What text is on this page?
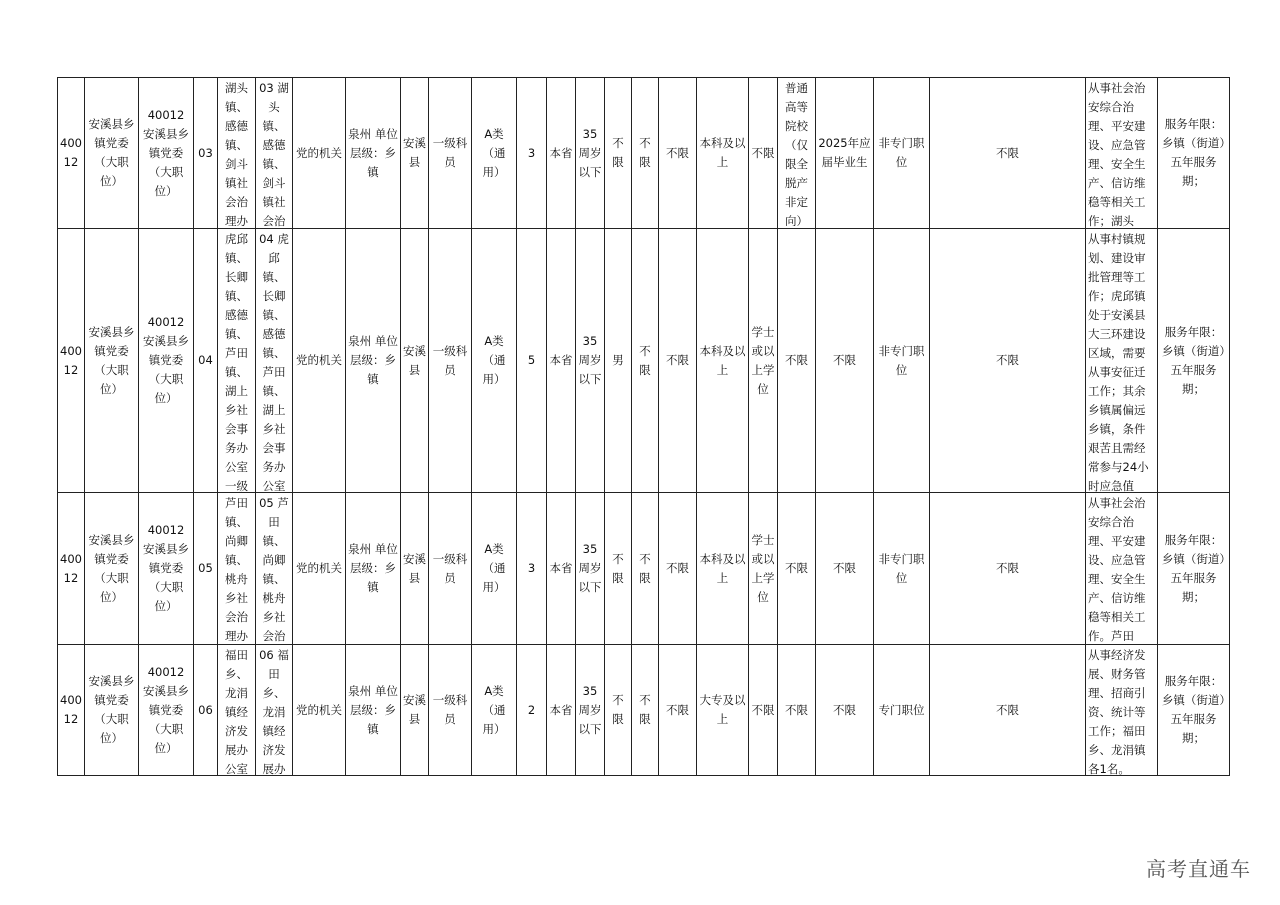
40012	安溪县乡镇党委（大职位）	40012 安溪县乡镇党委（大职位）	03	湖头镇、感德镇、剑斗镇社会治理办	03 湖头镇、感德镇、剑斗镇社会治	党的机关	泉州 单位层级：乡镇	安溪县	一级科员	A类（通用）	3	本省	35周岁以下	不限	不限	不限	本科及以上	不限	普通高等院校（仅限全脱产非定向）	2025年应届毕业生	非专门职位	不限	从事社会治安综合治理、平安建设、应急管理、安全生产、信访维稳等相关工作；湖头	服务年限：乡镇（街道）五年服务期；

40012	安溪县乡镇党委（大职位）	40012 安溪县乡镇党委（大职位）	04	虎邱镇、长卿镇、感德镇、芦田镇、湖上乡社会事务办公室一级	04 虎邱镇、长卿镇、感德镇、芦田镇、湖上乡社会事务办公室	党的机关	泉州 单位层级：乡镇	安溪县	一级科员	A类（通用）	5	本省	35周岁以下	男	不限	不限	本科及以上	学士或以上学位	不限	不限	非专门职位	不限	从事村镇规划、建设审批管理等工作；虎邱镇处于安溪县大三环建设区域，需要从事安征迁工作；其余乡镇属偏远乡镇，条件艰苦且需经常参与24小时应急值	服务年限：乡镇（街道）五年服务期；

40012	安溪县乡镇党委（大职位）	40012 安溪县乡镇党委（大职位）	05	芦田镇、尚卿镇、桃舟乡社会治理办	05 芦田镇、尚卿镇、桃舟乡社会治	党的机关	泉州 单位层级：乡镇	安溪县	一级科员	A类（通用）	3	本省	35周岁以下	不限	不限	不限	本科及以上	学士或以上学位	不限	不限	非专门职位	不限	从事社会治安综合治理、平安建设、应急管理、安全生产、信访维稳等相关工作。芦田	服务年限：乡镇（街道）五年服务期；

40012	安溪县乡镇党委（大职位）	40012 安溪县乡镇党委（大职位）	06	福田乡、龙涓镇经济发展办公室	06 福田乡、龙涓镇经济发展办	党的机关	泉州 单位层级：乡镇	安溪县	一级科员	A类（通用）	2	本省	35周岁以下	不限	不限	不限	大专及以上	不限	不限	不限	专门职位	不限	从事经济发展、财务管理、招商引资、统计等工作；福田乡、龙涓镇各1名。	服务年限：乡镇（街道）五年服务期；
高考直通车
